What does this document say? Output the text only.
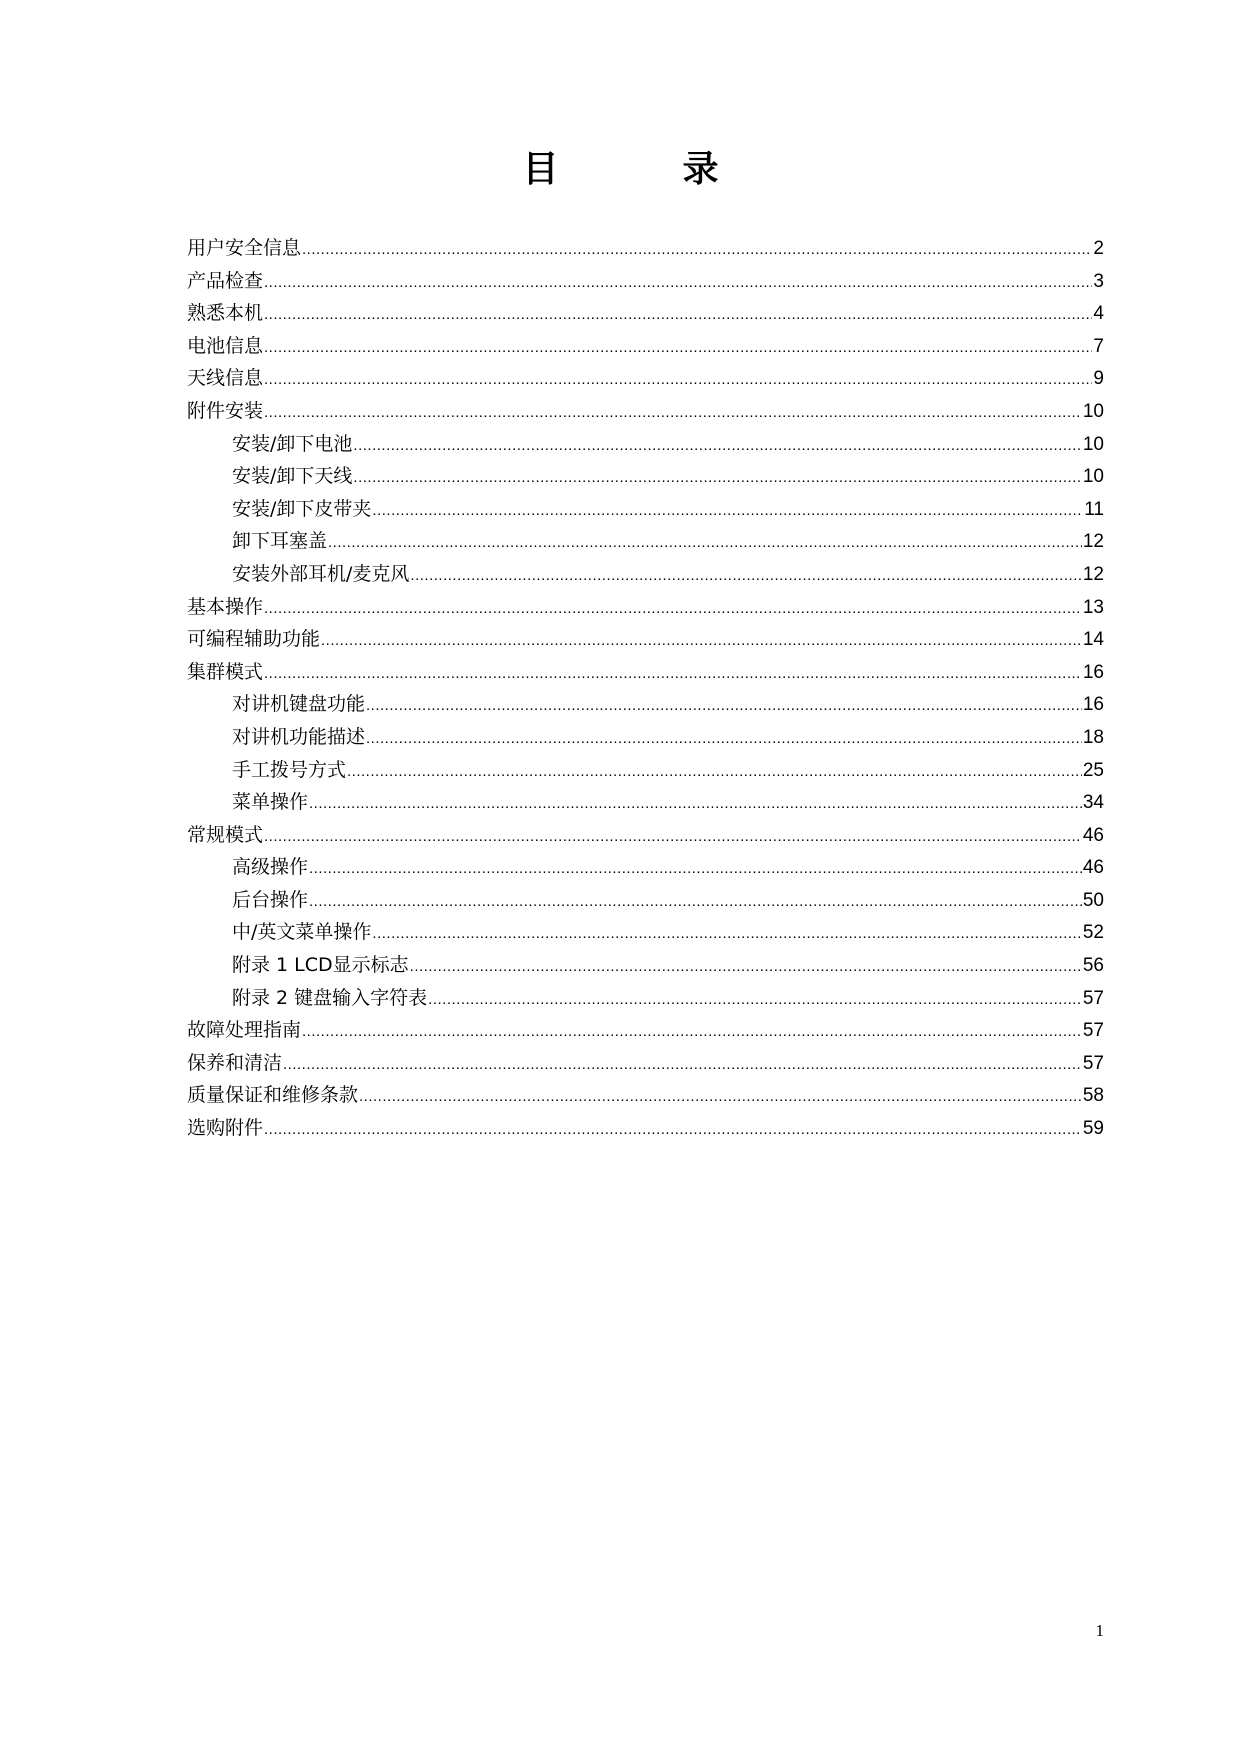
目　录
用户安全信息 .....	2
产品检查 .....	3
熟悉本机 .....	4
电池信息 .....	7
天线信息 .....	9
附件安装 .....	10
安装/卸下电池 .....	10
安装/卸下天线 .....	10
安装/卸下皮带夹 .....	11
卸下耳塞盖 .....	12
安装外部耳机/麦克风 .....	12
基本操作 .....	13
可编程辅助功能 .....	14
集群模式 .....	16
对讲机键盘功能 .....	16
对讲机功能描述 .....	18
手工拨号方式 .....	25
菜单操作 .....	34
常规模式 .....	46
高级操作 .....	46
后台操作 .....	50
中/英文菜单操作 .....	52
附录 1 LCD显示标志 .....	56
附录 2 键盘输入字符表 .....	57
故障处理指南 .....	57
保养和清洁 .....	57
质量保证和维修条款 .....	58
选购附件 .....	59

1
